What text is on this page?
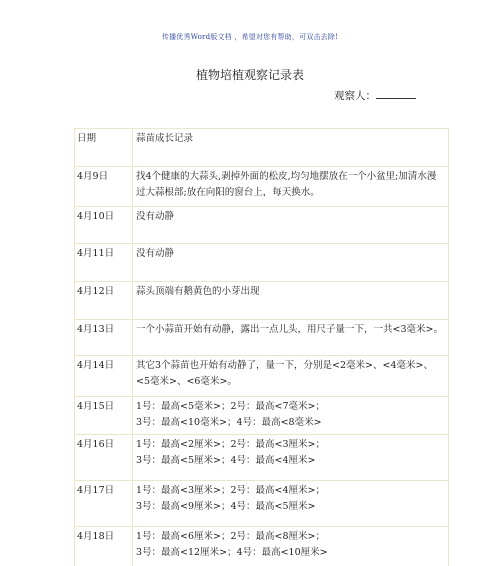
传播优秀Word版文档 ，希望对您有帮助，可双击去除!
植物培植观察记录表
观察人：
日期	蒜苗成长记录
4月9日	找4个健康的大蒜头,剥掉外面的松皮,均匀地摆放在一个小盆里;加清水漫过大蒜根部;放在向阳的窗台上，每天换水。
4月10日	没有动静
4月11日	没有动静
4月12日	蒜头顶端有鹅黄色的小芽出现
4月13日	一个小蒜苗开始有动静，露出一点儿头，用尺子量一下，一共<3毫米>。
4月14日	其它3个蒜苗也开始有动静了，量一下，分别是<2毫米>、<4毫米>、<5毫米>、<6毫米>。
4月15日	1号：最高<5毫米>；2号：最高<7毫米>；
3号：最高<10毫米>；4号：最高<8毫米>

4月16日	1号：最高<2厘米>；2号：最高<3厘米>；
3号：最高<5厘米>；4号：最高<4厘米>

4月17日	1号：最高<3厘米>；2号：最高<4厘米>；
3号：最高<9厘米>；4号：最高<5厘米>

4月18日	1号：最高<6厘米>；2号：最高<8厘米>；
3号：最高<12厘米>；4号：最高<10厘米>
